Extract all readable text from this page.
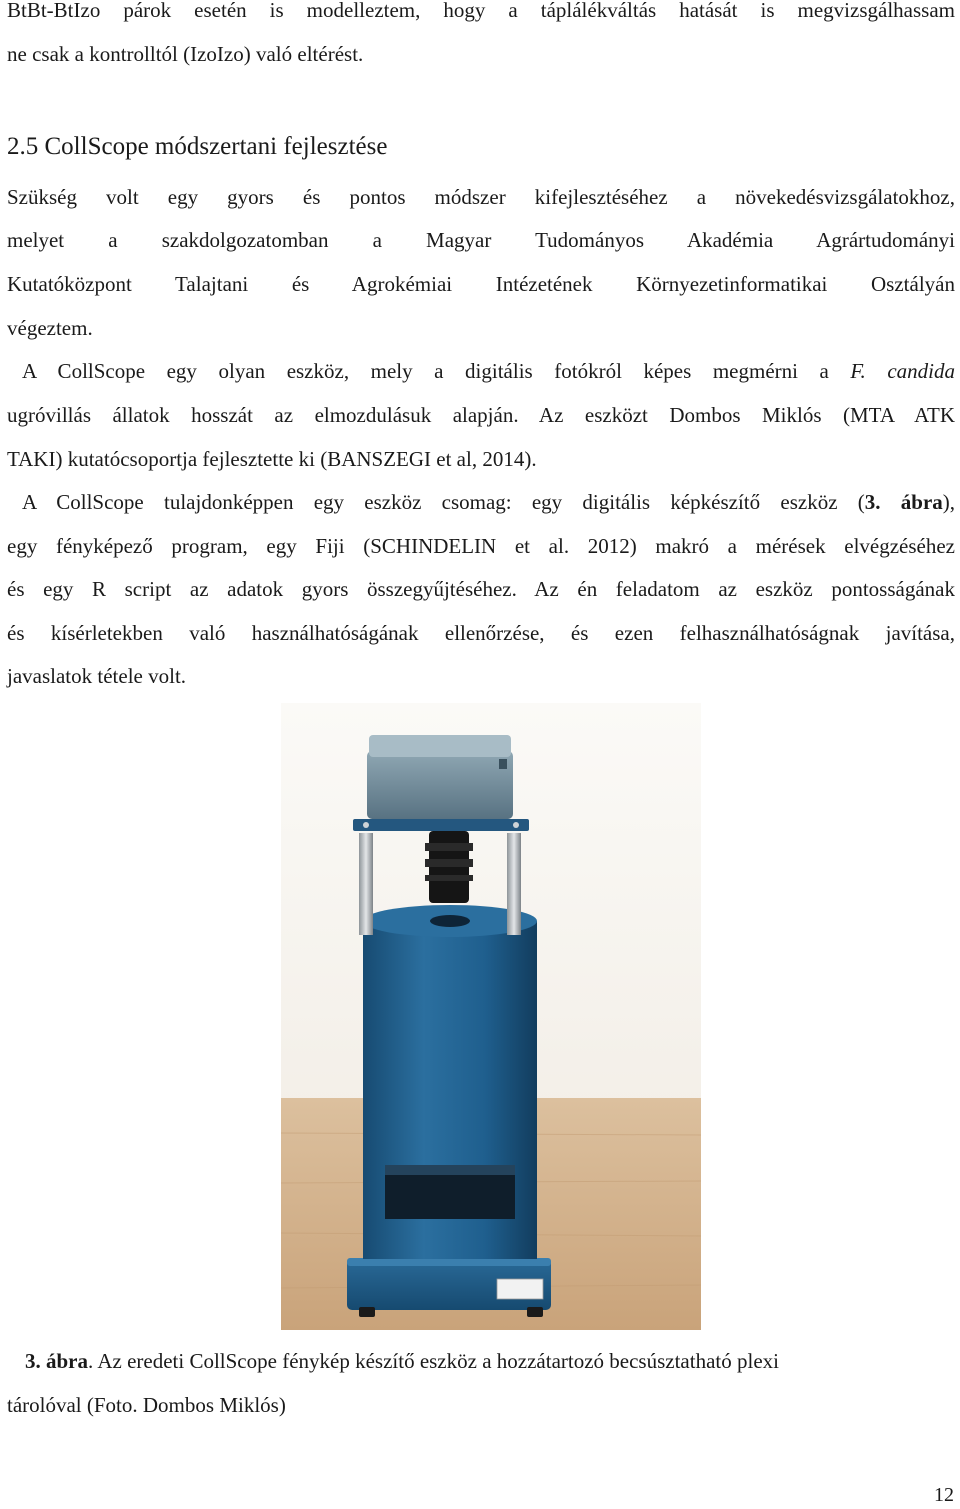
BtBt-BtIzo párok esetén is modelleztem, hogy a táplálékváltás hatását is megvizsgálhassam
ne csak a kontrolltól (IzoIzo) való eltérést.
2.5 CollScope módszertani fejlesztése
Szükség volt egy gyors és pontos módszer kifejlesztéséhez a növekedésvizsgálatokhoz,
melyet a szakdolgozatomban a Magyar Tudományos Akadémia Agrártudományi
Kutatóközpont Talajtani és Agrokémiai Intézetének Környezetinformatikai Osztályán
végeztem.
A CollScope egy olyan eszköz, mely a digitális fotókról képes megmérni a F. candida
ugróvillás állatok hosszát az elmozdulásuk alapján. Az eszközt Dombos Miklós (MTA ATK
TAKI) kutatócsoportja fejlesztette ki (BANSZEGI et al, 2014).
A CollScope tulajdonképpen egy eszköz csomag: egy digitális képkészítő eszköz (3. ábra),
egy fényképező program, egy Fiji (SCHINDELIN et al. 2012) makró a mérések elvégzéséhez
és egy R script az adatok gyors összegyűjtéséhez. Az én feladatom az eszköz pontosságának
és kísérletekben való használhatóságának ellenőrzése, és ezen felhasználhatóságnak javítása,
javaslatok tétele volt.
3. ábra. Az eredeti CollScope fénykép készítő eszköz a hozzátartozó becsúsztatható plexi
tárolóval (Foto. Dombos Miklós)
12
